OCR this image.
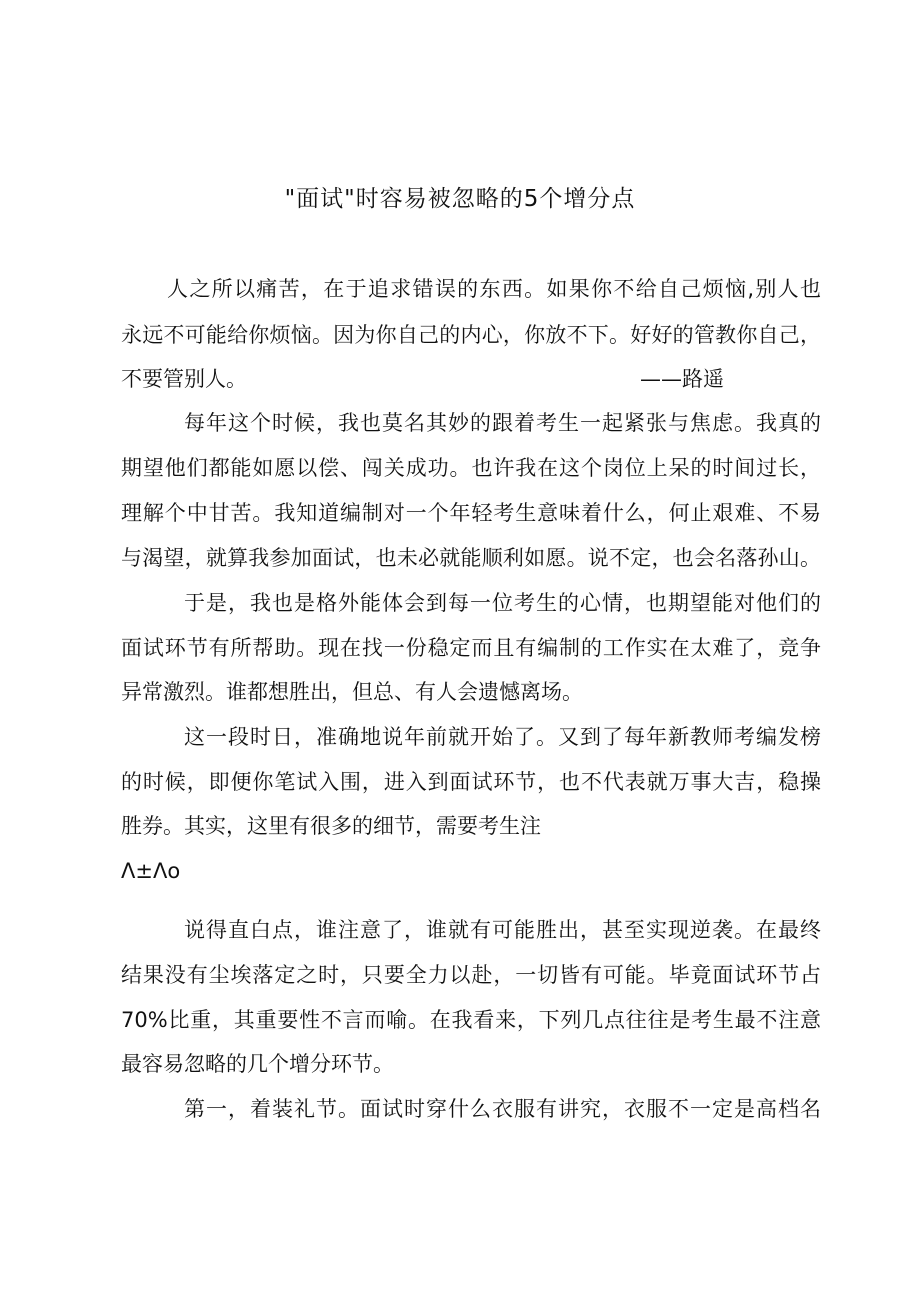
"面试"时容易被忽略的5个增分点

人之所以痛苦，在于追求错误的东西。如果你不给自己烦恼,别人也

永远不可能给你烦恼。因为你自己的内心，你放不下。好好的管教你自己，

不要管别人。	——路遥

每年这个时候，我也莫名其妙的跟着考生一起紧张与焦虑。我真的

期望他们都能如愿以偿、闯关成功。也许我在这个岗位上呆的时间过长，

理解个中甘苦。我知道编制对一个年轻考生意味着什么，何止艰难、不易

与渴望，就算我参加面试，也未必就能顺利如愿。说不定，也会名落孙山。

于是，我也是格外能体会到每一位考生的心情，也期望能对他们的

面试环节有所帮助。现在找一份稳定而且有编制的工作实在太难了，竞争

异常激烈。谁都想胜出，但总、有人会遗憾离场。

这一段时日，准确地说年前就开始了。又到了每年新教师考编发榜

的时候，即便你笔试入围，进入到面试环节，也不代表就万事大吉，稳操

胜券。其实，这里有很多的细节，需要考生注

Λ±Λo

说得直白点，谁注意了，谁就有可能胜出，甚至实现逆袭。在最终

结果没有尘埃落定之时，只要全力以赴，一切皆有可能。毕竟面试环节占

70%比重，其重要性不言而喻。在我看来，下列几点往往是考生最不注意

最容易忽略的几个增分环节。

第一，着装礼节。面试时穿什么衣服有讲究，衣服不一定是高档名
